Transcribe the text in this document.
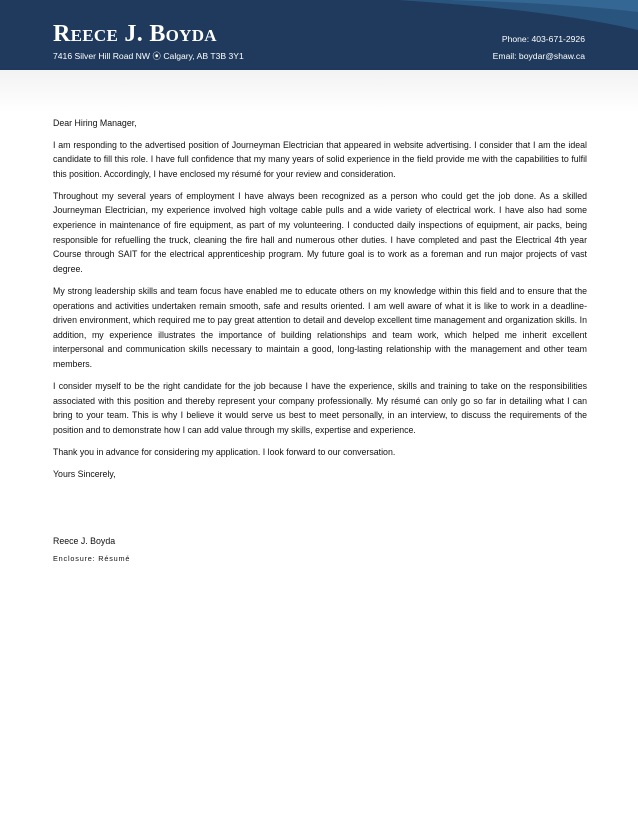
Reece J. Boyda
7416 Silver Hill Road NW ⦿ Calgary, AB T3B 3Y1
Phone: 403-671-2926
Email: boydar@shaw.ca

Dear Hiring Manager,

I am responding to the advertised position of Journeyman Electrician that appeared in website advertising. I consider that I am the ideal candidate to fill this role. I have full confidence that my many years of solid experience in the field provide me with the capabilities to fulfil this position. Accordingly, I have enclosed my résumé for your review and consideration.

Throughout my several years of employment I have always been recognized as a person who could get the job done. As a skilled Journeyman Electrician, my experience involved high voltage cable pulls and a wide variety of electrical work. I have also had some experience in maintenance of fire equipment, as part of my volunteering. I conducted daily inspections of equipment, air packs, being responsible for refuelling the truck, cleaning the fire hall and numerous other duties. I have completed and past the Electrical 4th year Course through SAIT for the electrical apprenticeship program. My future goal is to work as a foreman and run major projects of vast degree.

My strong leadership skills and team focus have enabled me to educate others on my knowledge within this field and to ensure that the operations and activities undertaken remain smooth, safe and results oriented. I am well aware of what it is like to work in a deadline-driven environment, which required me to pay great attention to detail and develop excellent time management and organization skills. In addition, my experience illustrates the importance of building relationships and team work, which helped me inherit excellent interpersonal and communication skills necessary to maintain a good, long-lasting relationship with the management and other team members.

I consider myself to be the right candidate for the job because I have the experience, skills and training to take on the responsibilities associated with this position and thereby represent your company professionally. My résumé can only go so far in detailing what I can bring to your team. This is why I believe it would serve us best to meet personally, in an interview, to discuss the requirements of the position and to demonstrate how I can add value through my skills, expertise and experience.

Thank you in advance for considering my application. I look forward to our conversation.

Yours Sincerely,

Reece J. Boyda

Enclosure: Résumé
